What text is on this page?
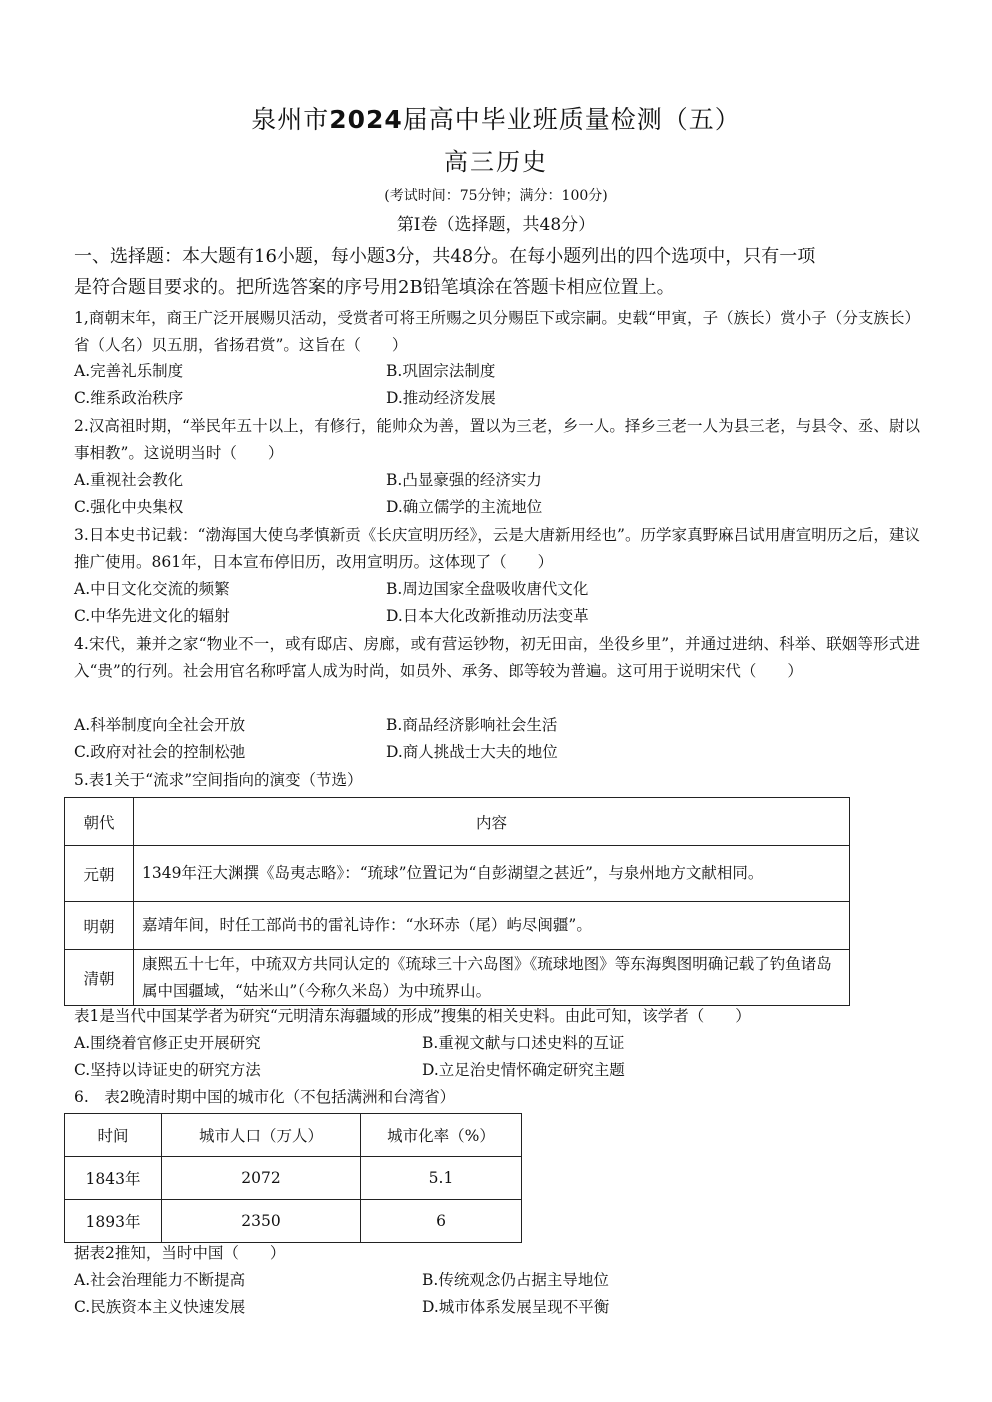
泉州市2024届高中毕业班质量检测（五）
高三历史
(考试时间：75分钟；满分：100分)
第I卷（选择题，共48分）

一、选择题：本大题有16小题，每小题3分，共48分。在每小题列出的四个选项中，只有一项

是符合题目要求的。把所选答案的序号用2B铅笔填涂在答题卡相应位置上。

1,商朝末年，商王广泛开展赐贝活动，受赏者可将王所赐之贝分赐臣下或宗嗣。史载“甲寅，子（族长）赏小子（分支族长）省（人名）贝五朋，省扬君赏”。这旨在（　　）

A.完善礼乐制度	B.巩固宗法制度
C.维系政治秩序	D.推动经济发展

2.汉高祖时期，“举民年五十以上，有修行，能帅众为善，置以为三老，乡一人。择乡三老一人为县三老，与县令、丞、尉以事相教”。这说明当时（　　）

A.重视社会教化	B.凸显豪强的经济实力
C.强化中央集权	D.确立儒学的主流地位

3.日本史书记载：“渤海国大使乌孝慎新贡《长庆宣明历经》，云是大唐新用经也”。历学家真野麻吕试用唐宣明历之后，建议推广使用。861年，日本宣布停旧历，改用宣明历。这体现了（　　）

A.中日文化交流的频繁	B.周边国家全盘吸收唐代文化
C.中华先进文化的辐射	D.日本大化改新推动历法变革

4.宋代，兼并之家“物业不一，或有邸店、房廊，或有营运钞物，初无田亩，坐役乡里”，并通过进纳、科举、联姻等形式进入“贵”的行列。社会用官名称呼富人成为时尚，如员外、承务、郎等较为普遍。这可用于说明宋代（　　）

A.科举制度向全社会开放	B.商品经济影响社会生活
C.政府对社会的控制松弛	D.商人挑战士大夫的地位

5.表1关于“流求”空间指向的演变（节选）

朝代	内容
元朝	1349年汪大渊撰《岛夷志略》：“琉球”位置记为“自彭湖望之甚近”，与泉州地方文献相同。
明朝	嘉靖年间，时任工部尚书的雷礼诗作：“水环赤（尾）屿尽闽疆”。
清朝	康熙五十七年，中琉双方共同认定的《琉球三十六岛图》《琉球地图》等东海舆图明确记载了钓鱼诸岛属中国疆域，“姑米山”（今称久米岛）为中琉界山。

表1是当代中国某学者为研究“元明清东海疆域的形成”搜集的相关史料。由此可知，该学者（　　）

A.围绕着官修正史开展研究	B.重视文献与口述史料的互证
C.坚持以诗证史的研究方法	D.立足治史情怀确定研究主题

6.　表2晚清时期中国的城市化（不包括满洲和台湾省）

时间	城市人口（万人）	城市化率（%）
1843年	2072	5.1
1893年	2350	6

据表2推知，当时中国（　　）

A.社会治理能力不断提高	B.传统观念仍占据主导地位
C.民族资本主义快速发展	D.城市体系发展呈现不平衡
